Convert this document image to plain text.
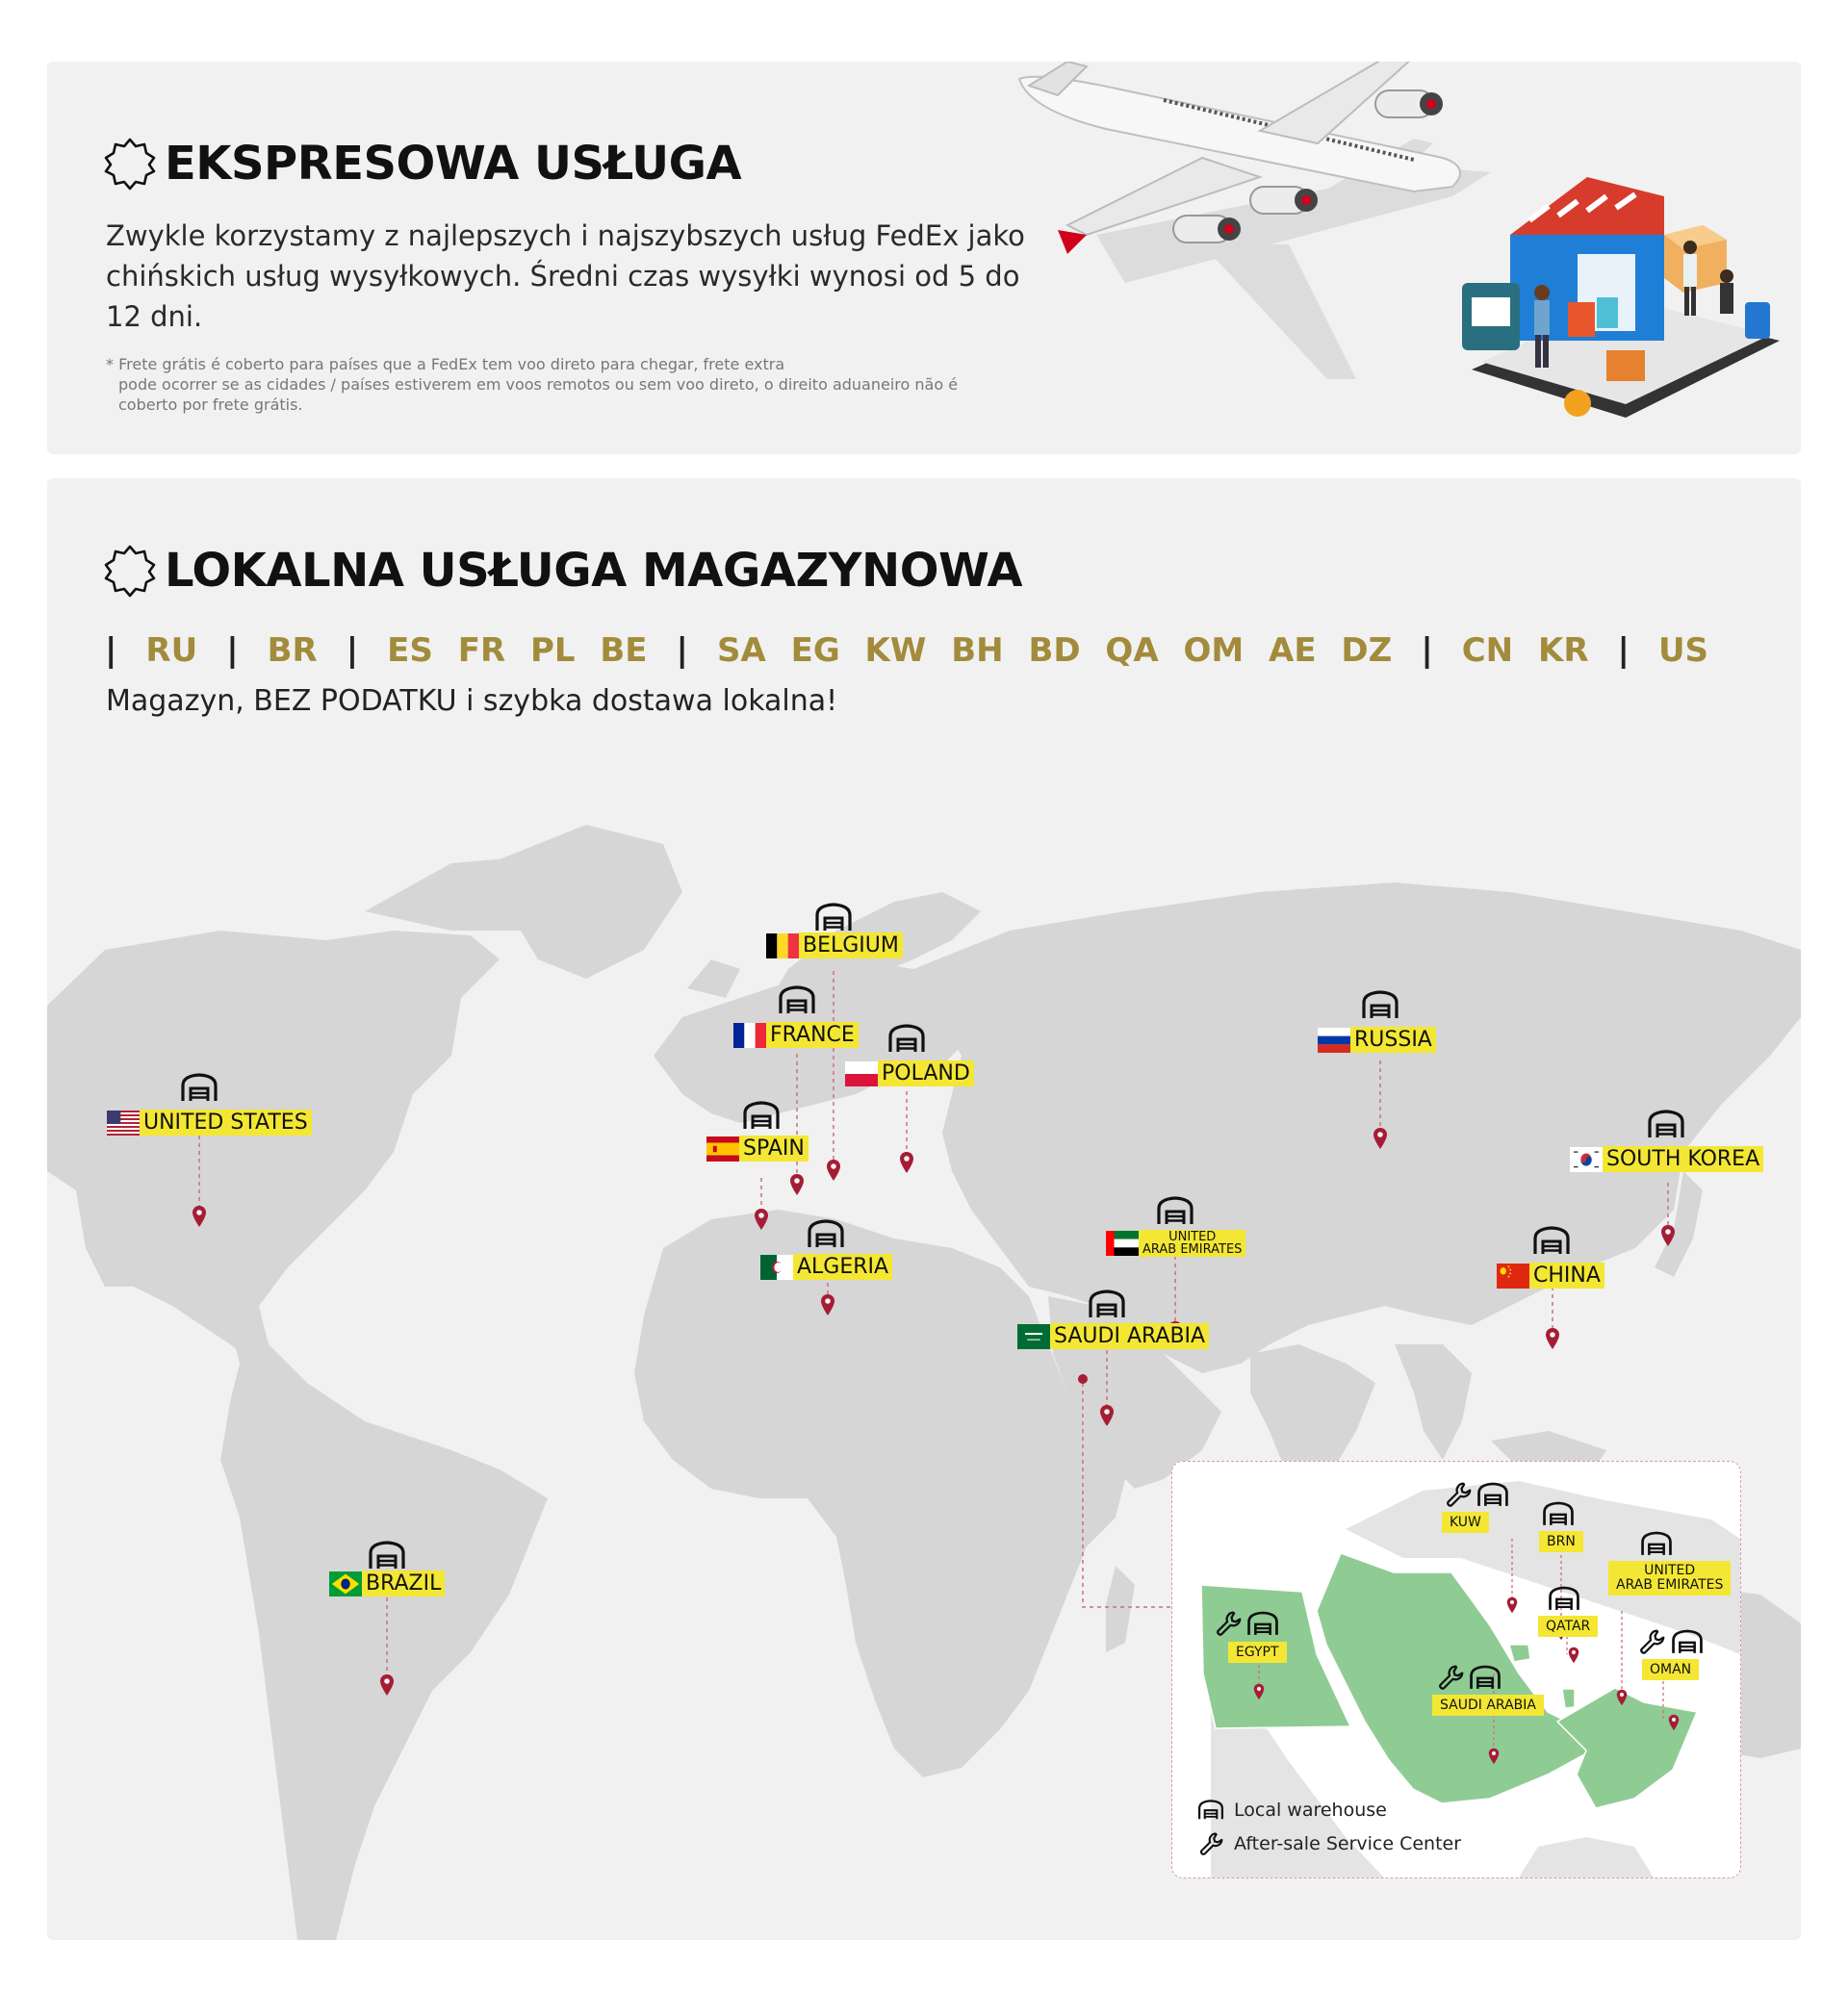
EKSPRESOWA USŁUGA
Zwykle korzystamy z najlepszych i najszybszych usług FedEx jako chińskich usług wysyłkowych. Średni czas wysyłki wynosi od 5 do 12 dni.
* Frete grátis é coberto para países que a FedEx tem voo direto para chegar, frete extra
pode ocorrer se as cidades / países estiverem em voos remotos ou sem voo direto, o direito aduaneiro não é
coberto por frete grátis.
LOKALNA USŁUGA MAGAZYNOWA
| RU | BR | ES FR PL BE | SA EG KW BH BD QA OM AE DZ | CN KR | US
Magazyn, BEZ PODATKU i szybka dostawa lokalna!
BELGIUM
FRANCE
POLAND
SPAIN
ALGERIA
RUSSIA
UNITED STATES
SOUTH KOREA
CHINA
UNITED
ARAB EMIRATES
SAUDI ARABIA
BRAZIL
KUW
BRN
QATAR
UNITED
ARAB EMIRATES
OMAN
EGYPT
SAUDI ARABIA
Local warehouse
After-sale Service Center
